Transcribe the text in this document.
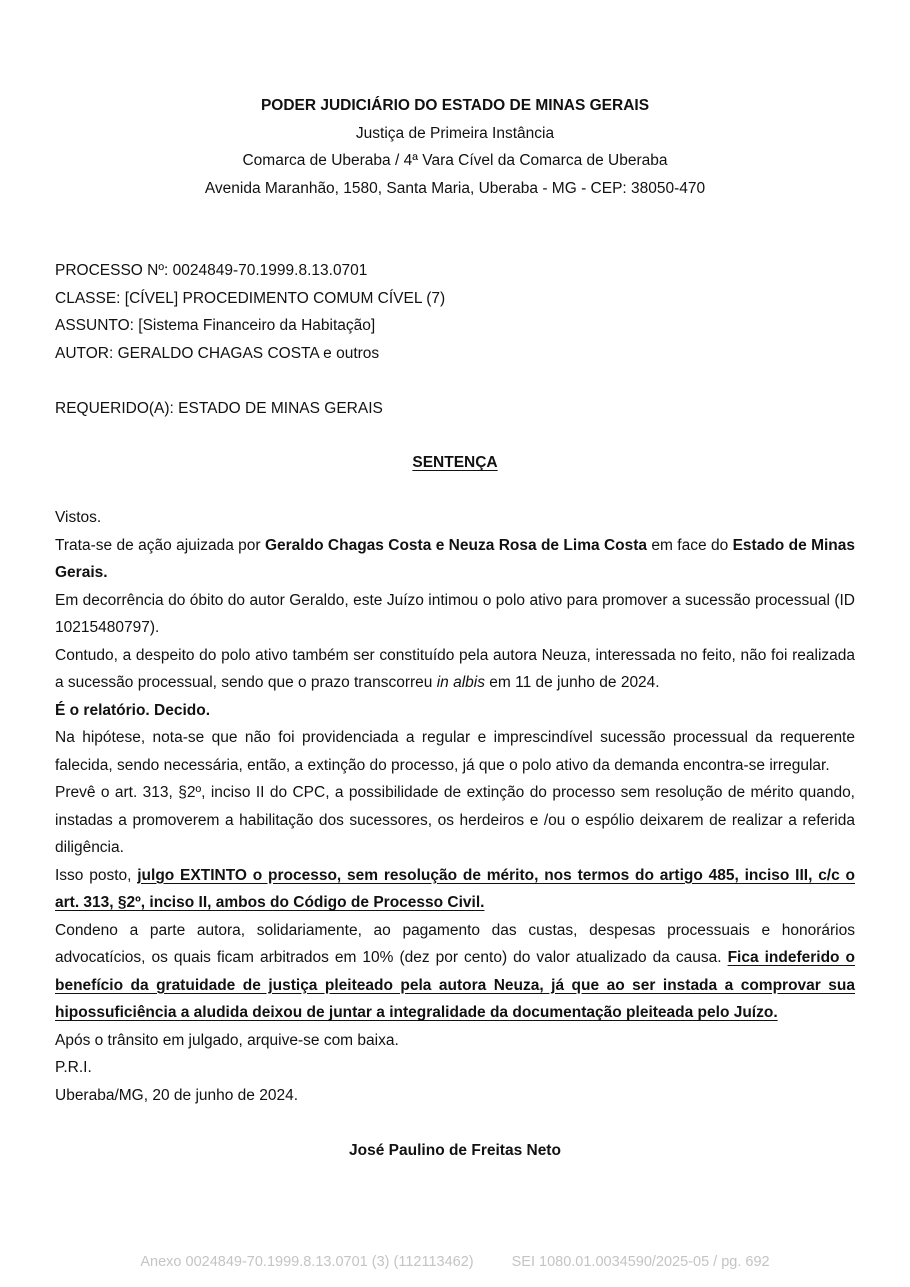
PODER JUDICIÁRIO DO ESTADO DE MINAS GERAIS
Justiça de Primeira Instância
Comarca de Uberaba / 4ª Vara Cível da Comarca de Uberaba
Avenida Maranhão, 1580, Santa Maria, Uberaba - MG - CEP: 38050-470
PROCESSO Nº: 0024849-70.1999.8.13.0701
CLASSE: [CÍVEL] PROCEDIMENTO COMUM CÍVEL (7)
ASSUNTO: [Sistema Financeiro da Habitação]
AUTOR: GERALDO CHAGAS COSTA e outros
REQUERIDO(A): ESTADO DE MINAS GERAIS
SENTENÇA

Vistos.

Trata-se de ação ajuizada por Geraldo Chagas Costa e Neuza Rosa de Lima Costa em face do Estado de Minas Gerais.

Em decorrência do óbito do autor Geraldo, este Juízo intimou o polo ativo para promover a sucessão processual (ID 10215480797).

Contudo, a despeito do polo ativo também ser constituído pela autora Neuza, interessada no feito, não foi realizada a sucessão processual, sendo que o prazo transcorreu in albis em 11 de junho de 2024.

É o relatório. Decido.

Na hipótese, nota-se que não foi providenciada a regular e imprescindível sucessão processual da requerente falecida, sendo necessária, então, a extinção do processo, já que o polo ativo da demanda encontra-se irregular.

Prevê o art. 313, §2º, inciso II do CPC, a possibilidade de extinção do processo sem resolução de mérito quando, instadas a promoverem a habilitação dos sucessores, os herdeiros e /ou o espólio deixarem de realizar a referida diligência.

Isso posto, julgo EXTINTO o processo, sem resolução de mérito, nos termos do artigo 485, inciso III, c/c o art. 313, §2º, inciso II, ambos do Código de Processo Civil.

Condeno a parte autora, solidariamente, ao pagamento das custas, despesas processuais e honorários advocatícios, os quais ficam arbitrados em 10% (dez por cento) do valor atualizado da causa. Fica indeferido o benefício da gratuidade de justiça pleiteado pela autora Neuza, já que ao ser instada a comprovar sua hipossuficiência a aludida deixou de juntar a integralidade da documentação pleiteada pelo Juízo.

Após o trânsito em julgado, arquive-se com baixa.

P.R.I.

Uberaba/MG, 20 de junho de 2024.

José Paulino de Freitas Neto
Anexo 0024849-70.1999.8.13.0701 (3) (112113462)	SEI 1080.01.0034590/2025-05 / pg. 692
